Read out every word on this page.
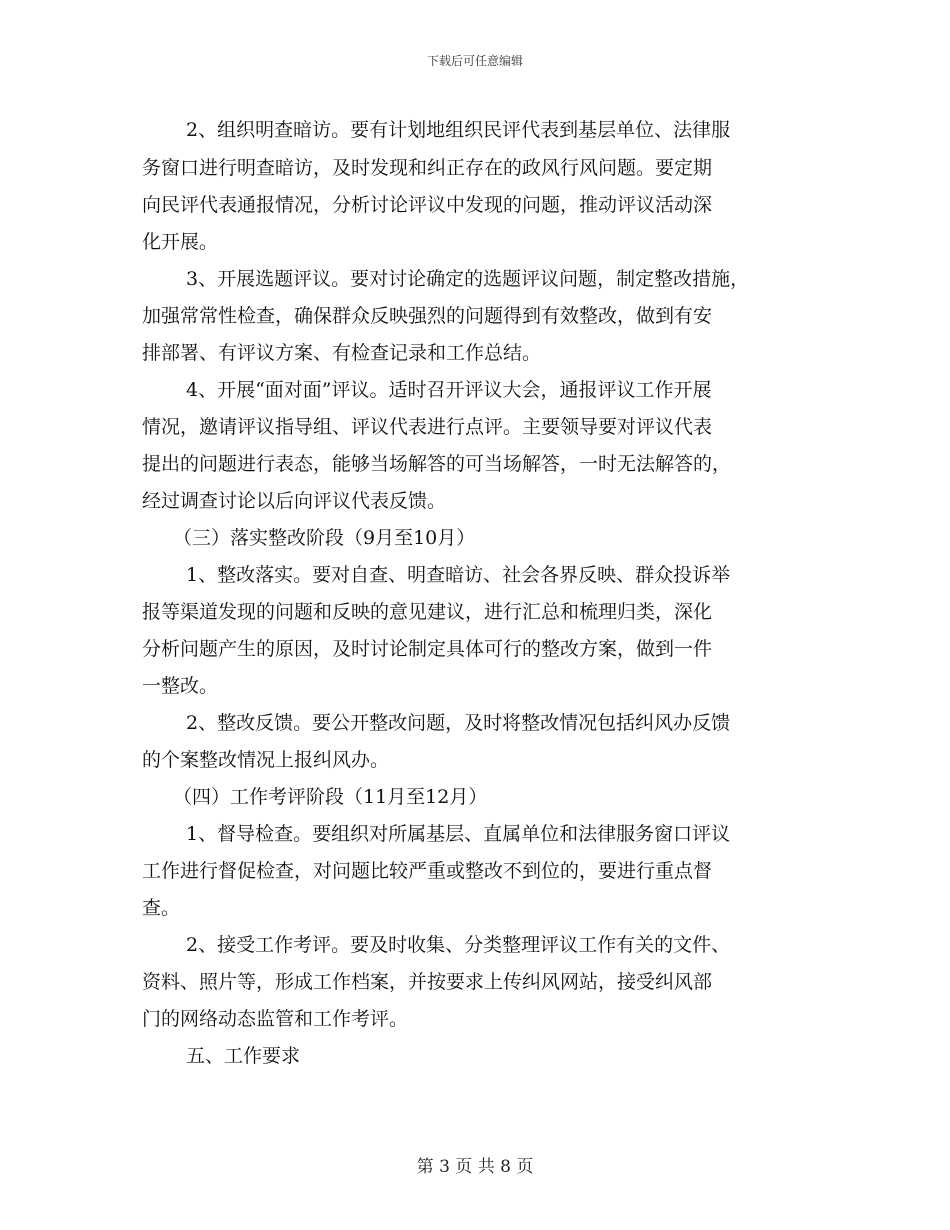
下载后可任意编辑
2、组织明查暗访。要有计划地组织民评代表到基层单位、法律服
务窗口进行明查暗访，及时发现和纠正存在的政风行风问题。要定期
向民评代表通报情况，分析讨论评议中发现的问题，推动评议活动深
化开展。
3、开展选题评议。要对讨论确定的选题评议问题，制定整改措施，
加强常常性检查，确保群众反映强烈的问题得到有效整改，做到有安
排部署、有评议方案、有检查记录和工作总结。
4、开展“面对面”评议。适时召开评议大会，通报评议工作开展
情况，邀请评议指导组、评议代表进行点评。主要领导要对评议代表
提出的问题进行表态，能够当场解答的可当场解答，一时无法解答的，
经过调查讨论以后向评议代表反馈。
（三）落实整改阶段（9月至10月）
1、整改落实。要对自查、明查暗访、社会各界反映、群众投诉举
报等渠道发现的问题和反映的意见建议，进行汇总和梳理归类，深化
分析问题产生的原因，及时讨论制定具体可行的整改方案，做到一件
一整改。
2、整改反馈。要公开整改问题，及时将整改情况包括纠风办反馈
的个案整改情况上报纠风办。
（四）工作考评阶段（11月至12月）
1、督导检查。要组织对所属基层、直属单位和法律服务窗口评议
工作进行督促检查，对问题比较严重或整改不到位的，要进行重点督
查。
2、接受工作考评。要及时收集、分类整理评议工作有关的文件、
资料、照片等，形成工作档案，并按要求上传纠风网站，接受纠风部
门的网络动态监管和工作考评。
五、工作要求
第 3 页 共 8 页
